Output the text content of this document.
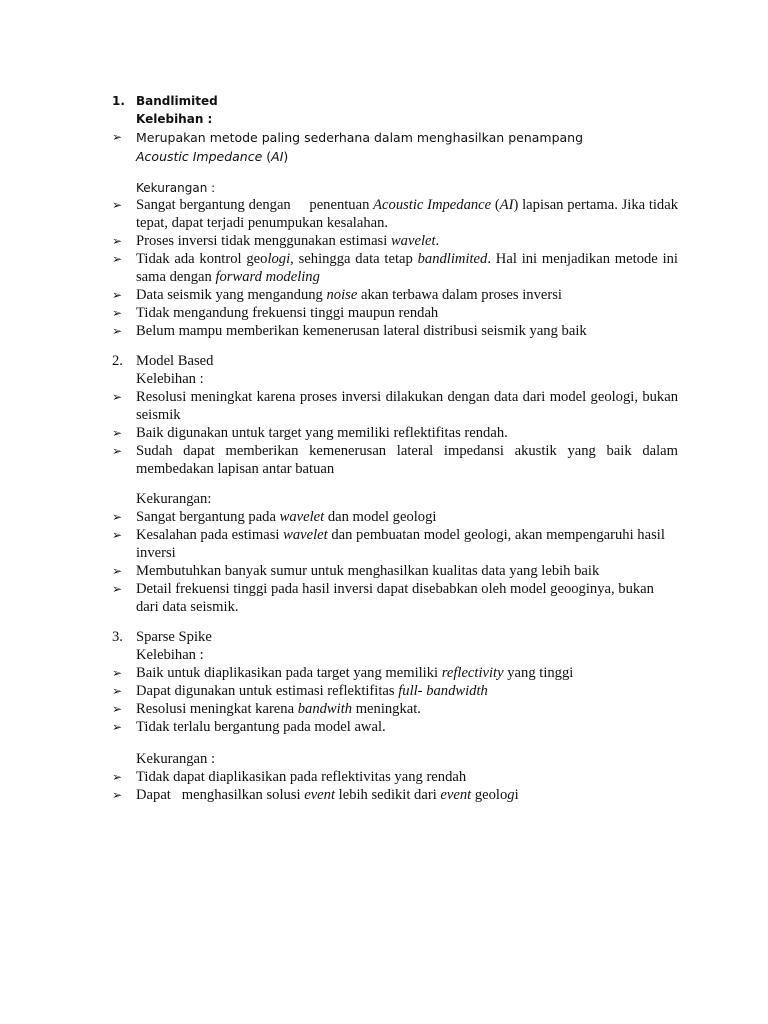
1. Bandlimited
Kelebihan :
➢	Merupakan metode paling sederhana dalam menghasilkan penampang Acoustic Impedance (AI)
Kekurangan :
➢ Sangat bergantung dengan     penentuan Acoustic Impedance (AI) lapisan pertama. Jika tidak tepat, dapat terjadi penumpukan kesalahan.
➢ Proses inversi tidak menggunakan estimasi wavelet.
➢ Tidak ada kontrol geologi, sehingga data tetap bandlimited. Hal ini menjadikan metode ini sama dengan forward modeling
➢ Data seismik yang mengandung noise akan terbawa dalam proses inversi
➢ Tidak mengandung frekuensi tinggi maupun rendah
➢ Belum mampu memberikan kemenerusan lateral distribusi seismik yang baik
2. Model Based
Kelebihan :
➢ Resolusi meningkat karena proses inversi dilakukan dengan data dari model geologi, bukan seismik
➢ Baik digunakan untuk target yang memiliki reflektifitas rendah.
➢ Sudah dapat memberikan kemenerusan lateral impedansi akustik yang baik dalam membedakan lapisan antar batuan
Kekurangan:
➢ Sangat bergantung pada wavelet dan model geologi
➢ Kesalahan pada estimasi wavelet dan pembuatan model geologi, akan mempengaruhi hasil inversi
➢ Membutuhkan banyak sumur untuk menghasilkan kualitas data yang lebih baik
➢ Detail frekuensi tinggi pada hasil inversi dapat disebabkan oleh model geooginya, bukan dari data seismik.
3. Sparse Spike
Kelebihan :
➢ Baik untuk diaplikasikan pada target yang memiliki reflectivity yang tinggi
➢ Dapat digunakan untuk estimasi reflektifitas full- bandwidth
➢ Resolusi meningkat karena bandwith meningkat.
➢ Tidak terlalu bergantung pada model awal.
Kekurangan :
➢ Tidak dapat diaplikasikan pada reflektivitas yang rendah
➢ Dapat   menghasilkan solusi event lebih sedikit dari event geologi
